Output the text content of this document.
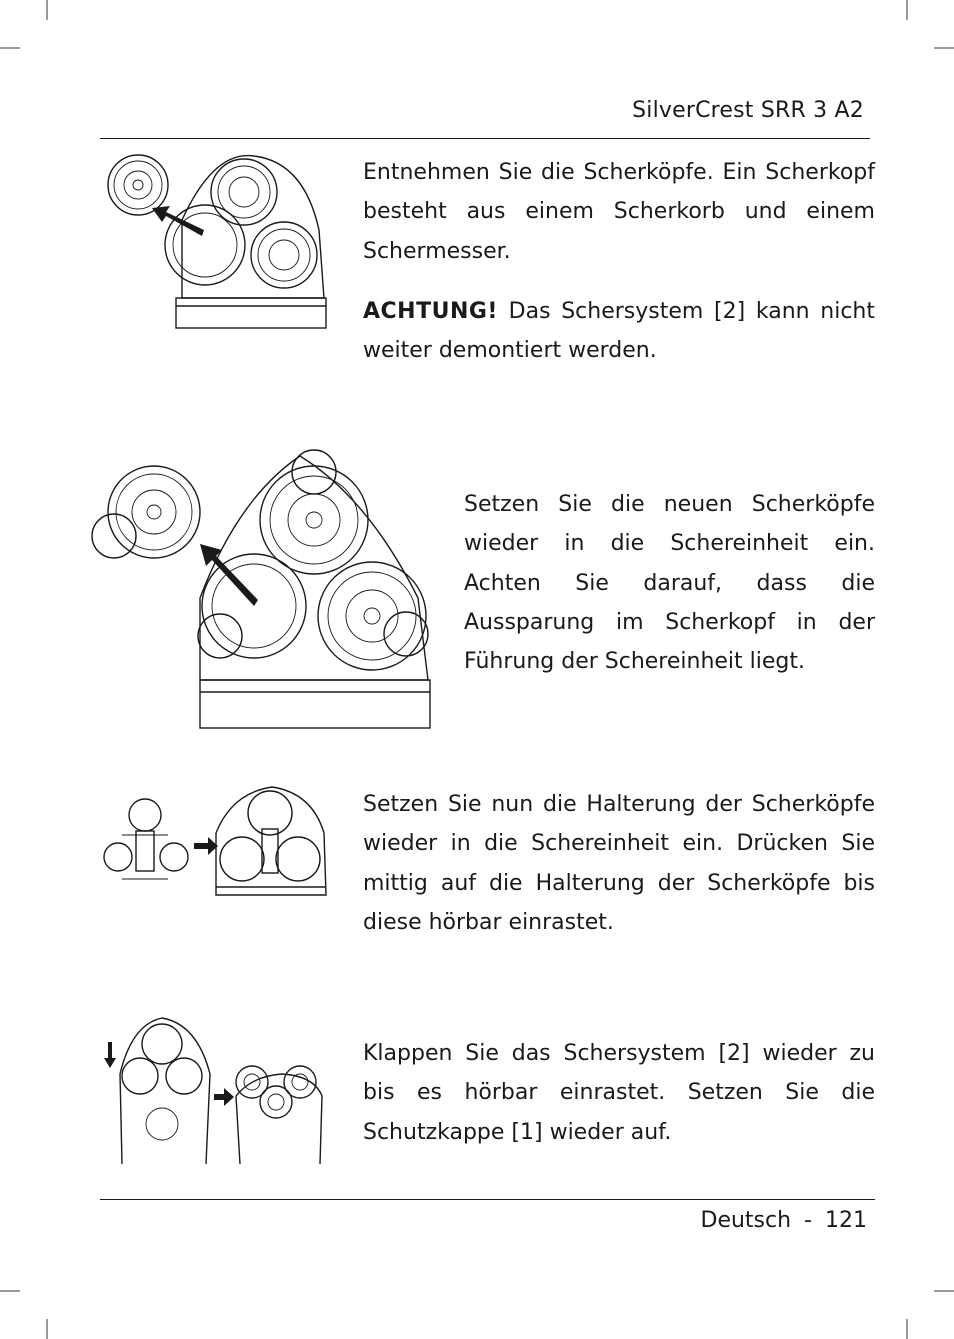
SilverCrest SRR 3 A2

Entnehmen Sie die Scherköpfe. Ein Scherkopf besteht aus einem Scherkorb und einem Schermesser.

ACHTUNG! Das Schersystem [2] kann nicht weiter demontiert werden.

Setzen Sie die neuen Scherköpfe wieder in die Schereinheit ein. Achten Sie darauf, dass die Aussparung im Scherkopf in der Führung der Schereinheit liegt.

Setzen Sie nun die Halterung der Scherköpfe wieder in die Schereinheit ein. Drücken Sie mittig auf die Halterung der Scherköpfe bis diese hörbar einrastet.

Klappen Sie das Schersystem [2] wieder zu bis es hörbar einrastet. Setzen Sie die Schutzkappe [1] wieder auf.

Deutsch - 121
